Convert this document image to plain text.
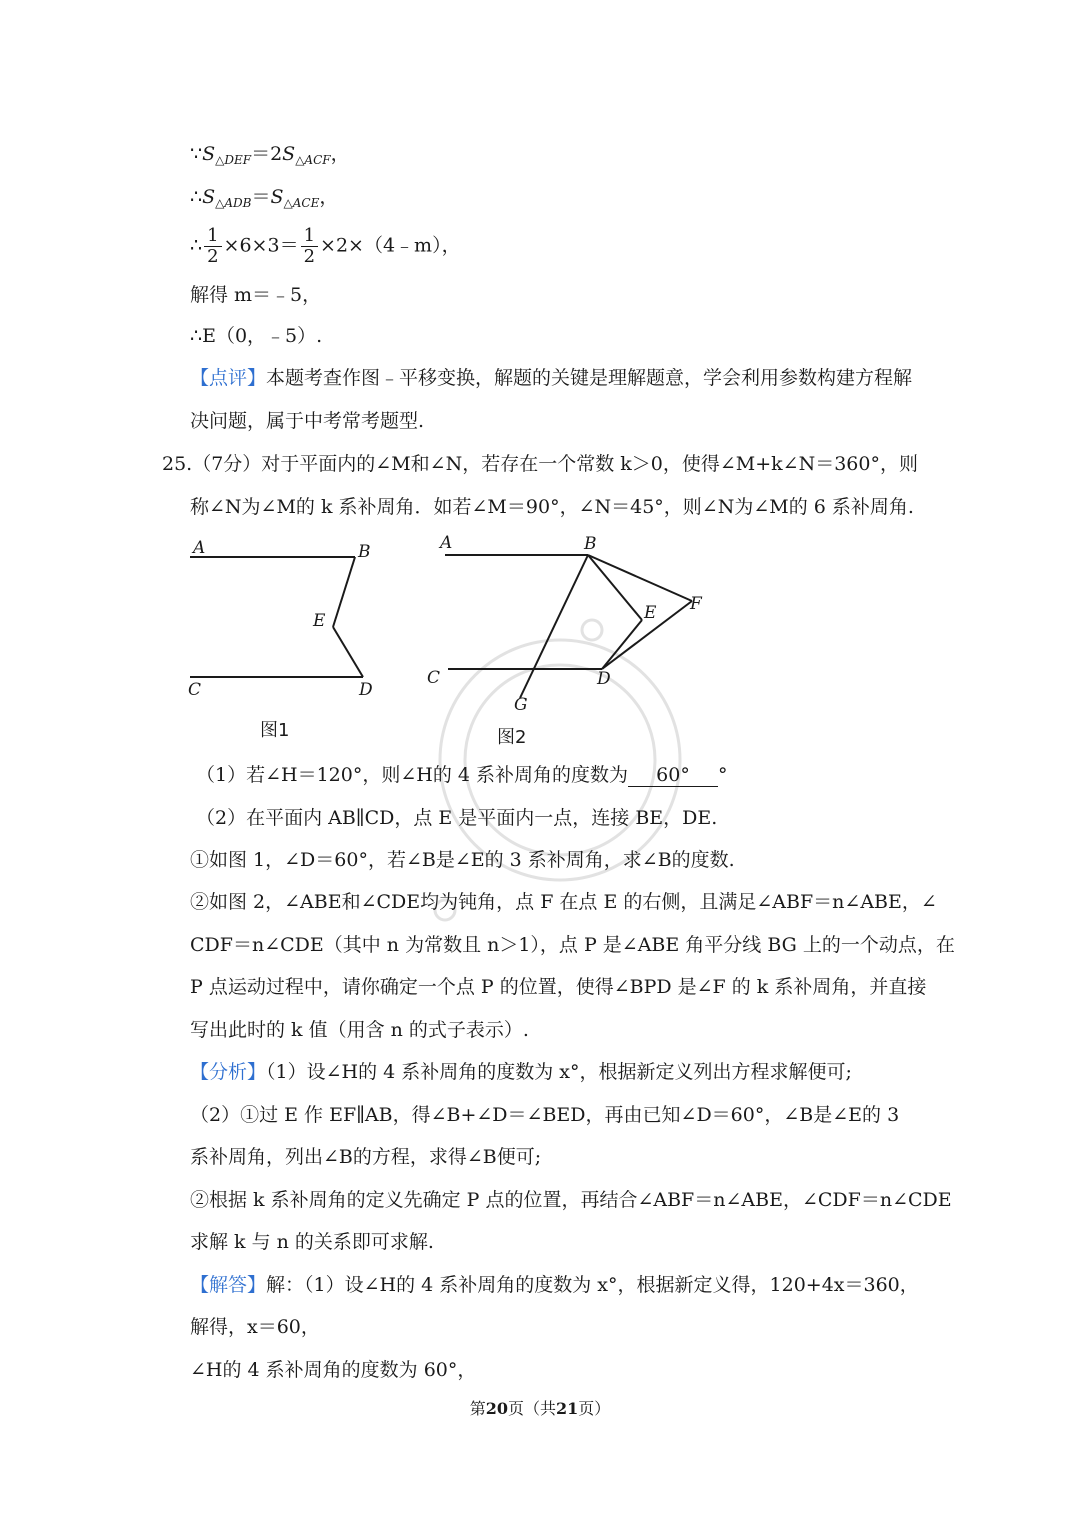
$\because S_{\triangle DEF}=2S_{\triangle ACF}$，
$\therefore S_{\triangle ADB}=S_{\triangle ACE}$，
∴ $\frac{1}{2} \times 6\times 3= \frac{1}{2}$ ×2×（4﹣m），
解得 m＝﹣5，
∴E（0，﹣5）.
【点评】本题考查作图﹣平移变换，解题的关键是理解题意，学会利用参数构建方程解
决问题，属于中考常考题型.
25.（7分）对于平面内的∠M和∠N，若存在一个常数 k＞0，使得∠M+k∠N＝360°，则
称∠N为∠M的 k 系补周角．如若∠M＝90°，∠N＝45°，则∠N为∠M的 6 系补周角.
A	B
E
C	D
图1
A	B
E F
C	D
G
图2
（1）若∠H＝120°，则∠H的 4 系补周角的度数为 60° °
（2）在平面内 AB∥CD，点 E 是平面内一点，连接 BE，DE.
①如图 1，∠D＝60°，若∠B是∠E的 3 系补周角，求∠B的度数.
②如图 2，∠ABE和∠CDE均为钝角，点 F 在点 E 的右侧，且满足∠ABF＝n∠ABE，∠
CDF＝n∠CDE（其中 n 为常数且 n＞1），点 P 是∠ABE 角平分线 BG 上的一个动点，在
P 点运动过程中，请你确定一个点 P 的位置，使得∠BPD 是∠F 的 k 系补周角，并直接
写出此时的 k 值（用含 n 的式子表示）.
【分析】（1）设∠H的 4 系补周角的度数为 x°，根据新定义列出方程求解便可;
（2）①过 E 作 EF∥AB，得∠B+∠D＝∠BED，再由已知∠D＝60°，∠B是∠E的 3
系补周角，列出∠B的方程，求得∠B便可;
②根据 k 系补周角的定义先确定 P 点的位置，再结合∠ABF＝n∠ABE，∠CDF＝n∠CDE
求解 k 与 n 的关系即可求解.
【解答】解：（1）设∠H的 4 系补周角的度数为 x°，根据新定义得，120+4x＝360，
解得，x＝60，
∠H的 4 系补周角的度数为 60°，
第20页（共21页）
